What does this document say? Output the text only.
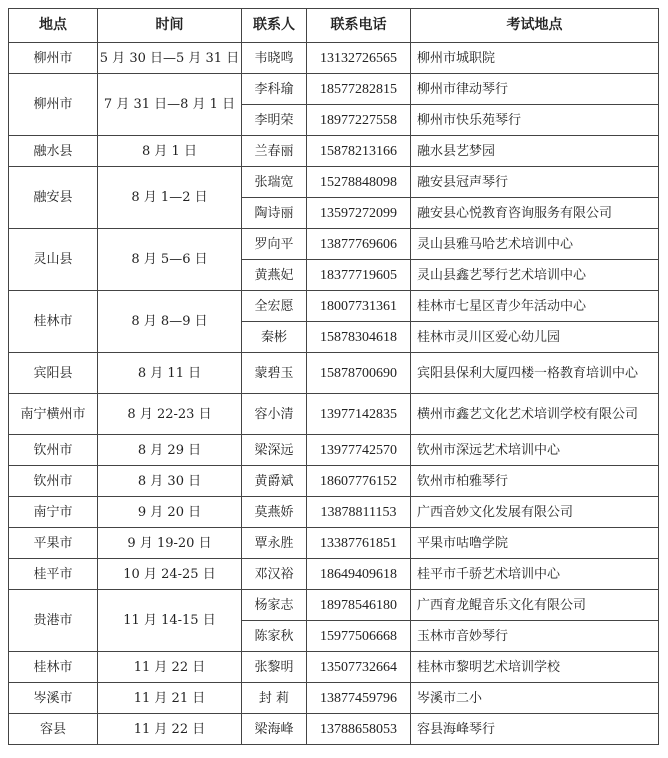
地点	时间	联系人	联系电话	考试地点
柳州市	5 月 30 日—5 月 31 日	韦晓鸣	13132726565	柳州市城职院
柳州市	7 月 31 日—8 月 1 日	李科瑜	18577282815	柳州市律动琴行
		李明荣	18977227558	柳州市快乐苑琴行
融水县	8 月 1 日	兰春丽	15878213166	融水县艺梦园
融安县	8 月 1—2 日	张瑞宽	15278848098	融安县冠声琴行
		陶诗丽	13597272099	融安县心悦教育咨询服务有限公司
灵山县	8 月 5—6 日	罗向平	13877769606	灵山县雅马哈艺术培训中心
		黄燕妃	18377719605	灵山县鑫艺琴行艺术培训中心
桂林市	8 月 8—9 日	全宏愿	18007731361	桂林市七星区青少年活动中心
		秦彬	15878304618	桂林市灵川区爱心幼儿园
宾阳县	8 月 11 日	蒙碧玉	15878700690	宾阳县保利大厦四楼一格教育培训中心
南宁横州市	8 月 22-23 日	容小清	13977142835	横州市鑫艺文化艺术培训学校有限公司
钦州市	8 月 29 日	梁深远	13977742570	钦州市深远艺术培训中心
钦州市	8 月 30 日	黄爵斌	18607776152	钦州市柏雅琴行
南宁市	9 月 20 日	莫燕娇	13878811153	广西音妙文化发展有限公司
平果市	9 月 19-20 日	覃永胜	13387761851	平果市咕噜学院
桂平市	10 月 24-25 日	邓汉裕	18649409618	桂平市千骄艺术培训中心
贵港市	11 月 14-15 日	杨家志	18978546180	广西育龙鲲音乐文化有限公司
		陈家秋	15977506668	玉林市音妙琴行
桂林市	11 月 22 日	张黎明	13507732664	桂林市黎明艺术培训学校
岑溪市	11 月 21 日	封 莉	13877459796	岑溪市二小
容县	11 月 22 日	梁海峰	13788658053	容县海峰琴行
